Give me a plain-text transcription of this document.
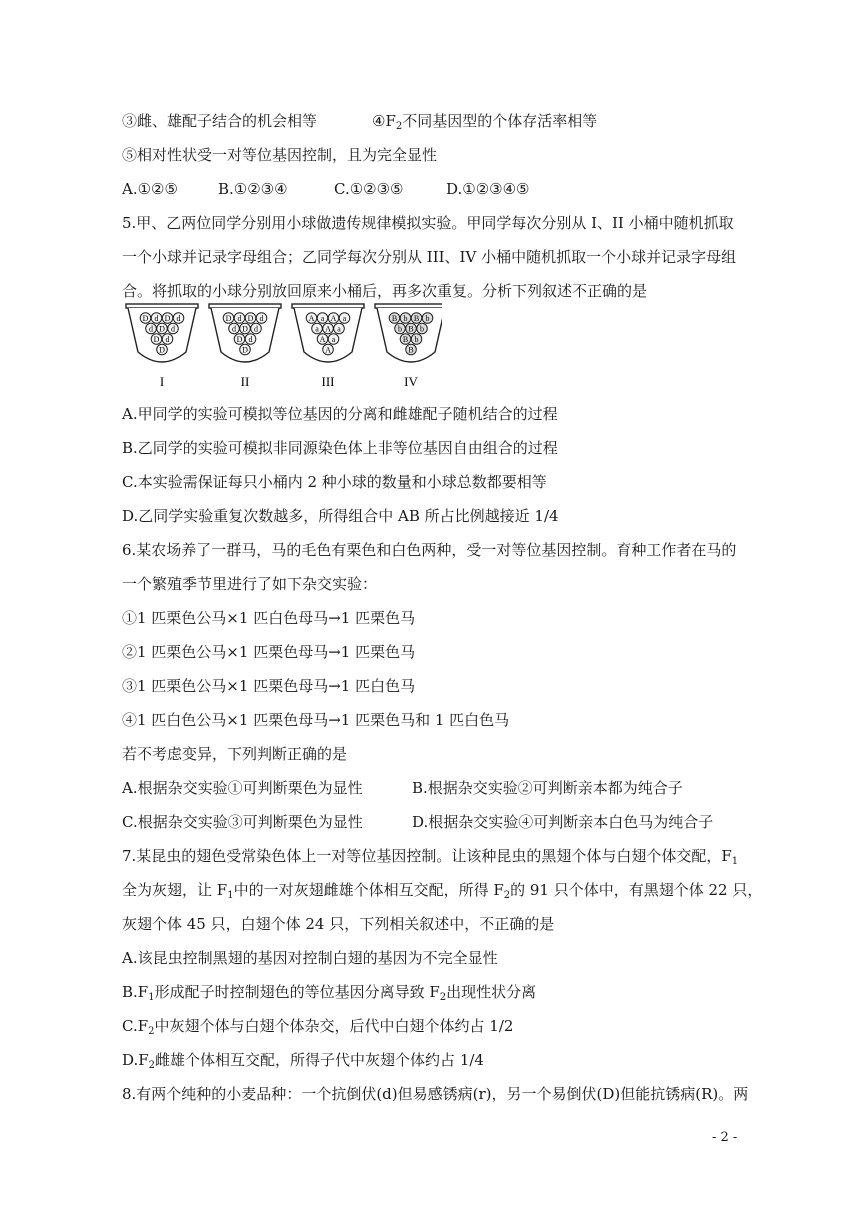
③雌、雄配子结合的机会相等	$④F_2$不同基因型的个体存活率相等
⑤相对性状受一对等位基因控制，且为完全显性
A.①②⑤	B.①②③④	C.①②③⑤	D.①②③④⑤
5.甲、乙两位同学分别用小球做遗传规律模拟实验。甲同学每次分别从 I、II 小桶中随机抓取
一个小球并记录字母组合；乙同学每次分别从 III、IV 小桶中随机抓取一个小球并记录字母组
合。将抓取的小球分别放回原来小桶后，再多次重复。分析下列叙述不正确的是
D d D d
d D d
D d
D
I
D d D d
d D d
D d
D
II
A a A a
a A a
A a
A
III
B b B b
b B b
B b
B
IV
A.甲同学的实验可模拟等位基因的分离和雌雄配子随机结合的过程
B.乙同学的实验可模拟非同源染色体上非等位基因自由组合的过程
C.本实验需保证每只小桶内 2 种小球的数量和小球总数都要相等
D.乙同学实验重复次数越多，所得组合中 AB 所占比例越接近 1/4
6.某农场养了一群马，马的毛色有栗色和白色两种，受一对等位基因控制。育种工作者在马的
一个繁殖季节里进行了如下杂交实验：
①1 匹栗色公马×1 匹白色母马→1 匹栗色马
②1 匹栗色公马×1 匹栗色母马→1 匹栗色马
③1 匹栗色公马×1 匹栗色母马→1 匹白色马
④1 匹白色公马×1 匹栗色母马→1 匹栗色马和 1 匹白色马
若不考虑变异，下列判断正确的是
A.根据杂交实验①可判断栗色为显性	B.根据杂交实验②可判断亲本都为纯合子
C.根据杂交实验③可判断栗色为显性	D.根据杂交实验④可判断亲本白色马为纯合子
7.某昆虫的翅色受常染色体上一对等位基因控制。让该种昆虫的黑翅个体与白翅个体交配，$F_1$
全为灰翅，让 $F_1$中的一对灰翅雌雄个体相互交配，所得 $F_2$的 91 只个体中，有黑翅个体 22 只，
灰翅个体 45 只，白翅个体 24 只，下列相关叙述中，不正确的是
A.该昆虫控制黑翅的基因对控制白翅的基因为不完全显性
$B.F_1$形成配子时控制翅色的等位基因分离导致 $F_2$出现性状分离
$C.F_2$中灰翅个体与白翅个体杂交，后代中白翅个体约占 1/2
$D.F_2$雌雄个体相互交配，所得子代中灰翅个体约占 1/4
8.有两个纯种的小麦品种：一个抗倒伏(d)但易感锈病(r)，另一个易倒伏(D)但能抗锈病(R)。两
- 2 -
